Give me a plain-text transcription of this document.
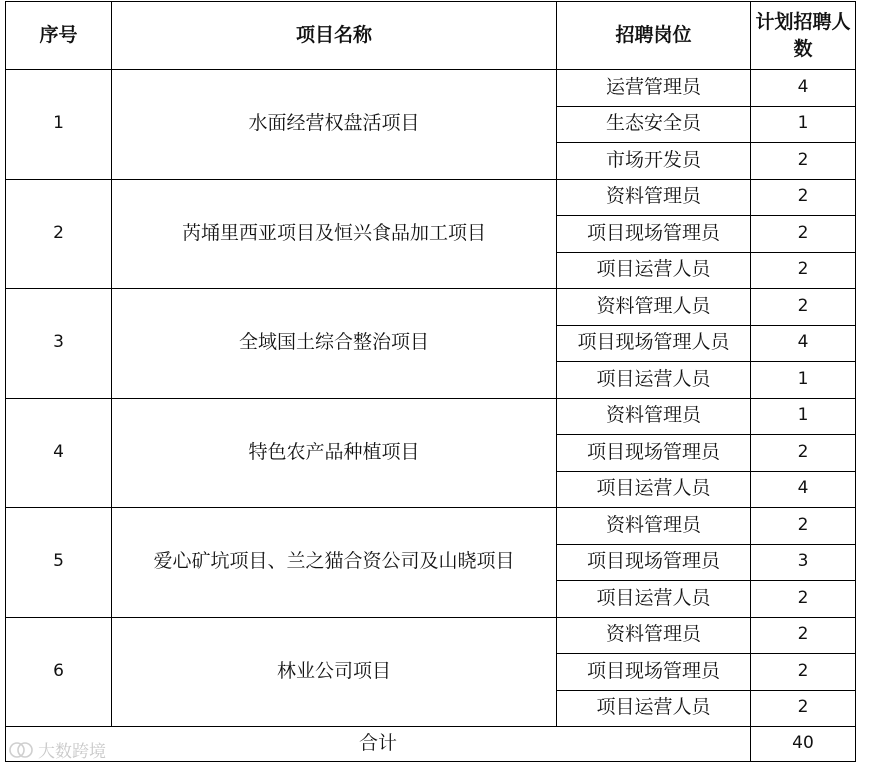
序号	项目名称	招聘岗位	计划招聘人数
1	水面经营权盘活项目	运营管理员	4
		生态安全员	1
		市场开发员	2
2	芮埇里西亚项目及恒兴食品加工项目	资料管理员	2
		项目现场管理员	2
		项目运营人员	2
3	全域国土综合整治项目	资料管理人员	2
		项目现场管理人员	4
		项目运营人员	1
4	特色农产品种植项目	资料管理员	1
		项目现场管理员	2
		项目运营人员	4
5	爱心矿坑项目、兰之猫合资公司及山晓项目	资料管理员	2
		项目现场管理员	3
		项目运营人员	2
6	林业公司项目	资料管理员	2
		项目现场管理员	2
		项目运营人员	2
合计			40
大数跨境
